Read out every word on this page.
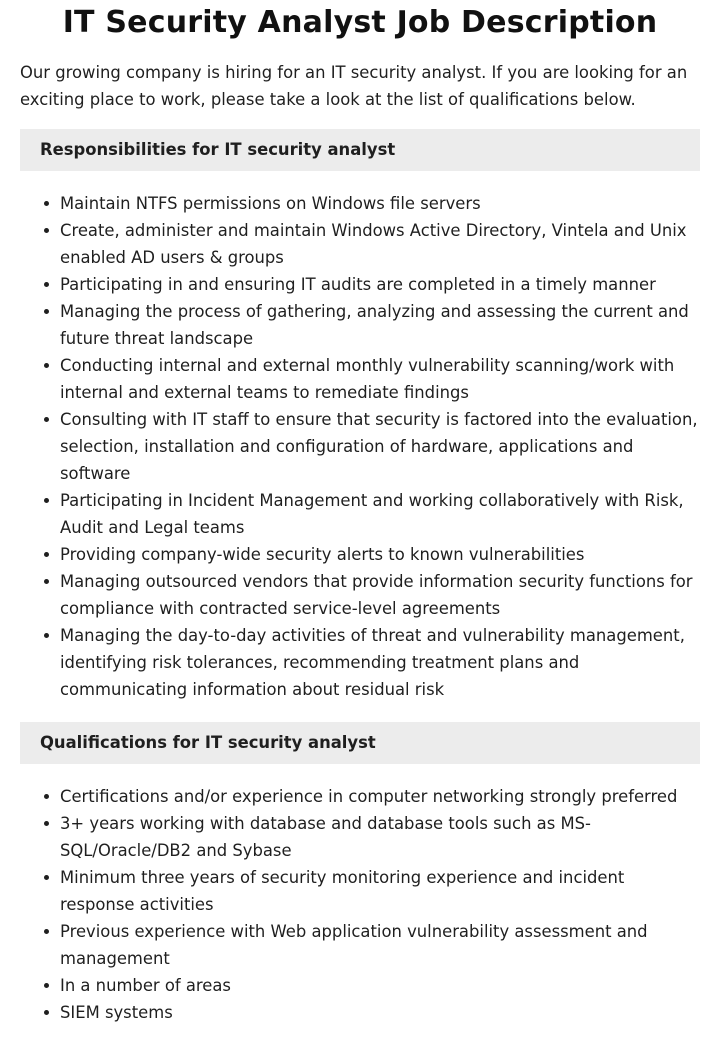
IT Security Analyst Job Description

Our growing company is hiring for an IT security analyst. If you are looking for an exciting place to work, please take a look at the list of qualifications below.

Responsibilities for IT security analyst
Maintain NTFS permissions on Windows file servers
Create, administer and maintain Windows Active Directory, Vintela and Unix enabled AD users & groups
Participating in and ensuring IT audits are completed in a timely manner
Managing the process of gathering, analyzing and assessing the current and future threat landscape
Conducting internal and external monthly vulnerability scanning/work with internal and external teams to remediate findings
Consulting with IT staff to ensure that security is factored into the evaluation, selection, installation and configuration of hardware, applications and software
Participating in Incident Management and working collaboratively with Risk, Audit and Legal teams
Providing company-wide security alerts to known vulnerabilities
Managing outsourced vendors that provide information security functions for compliance with contracted service-level agreements
Managing the day-to-day activities of threat and vulnerability management, identifying risk tolerances, recommending treatment plans and communicating information about residual risk
Qualifications for IT security analyst
Certifications and/or experience in computer networking strongly preferred
3+ years working with database and database tools such as MS-SQL/Oracle/DB2 and Sybase
Minimum three years of security monitoring experience and incident response activities
Previous experience with Web application vulnerability assessment and management
In a number of areas
SIEM systems
